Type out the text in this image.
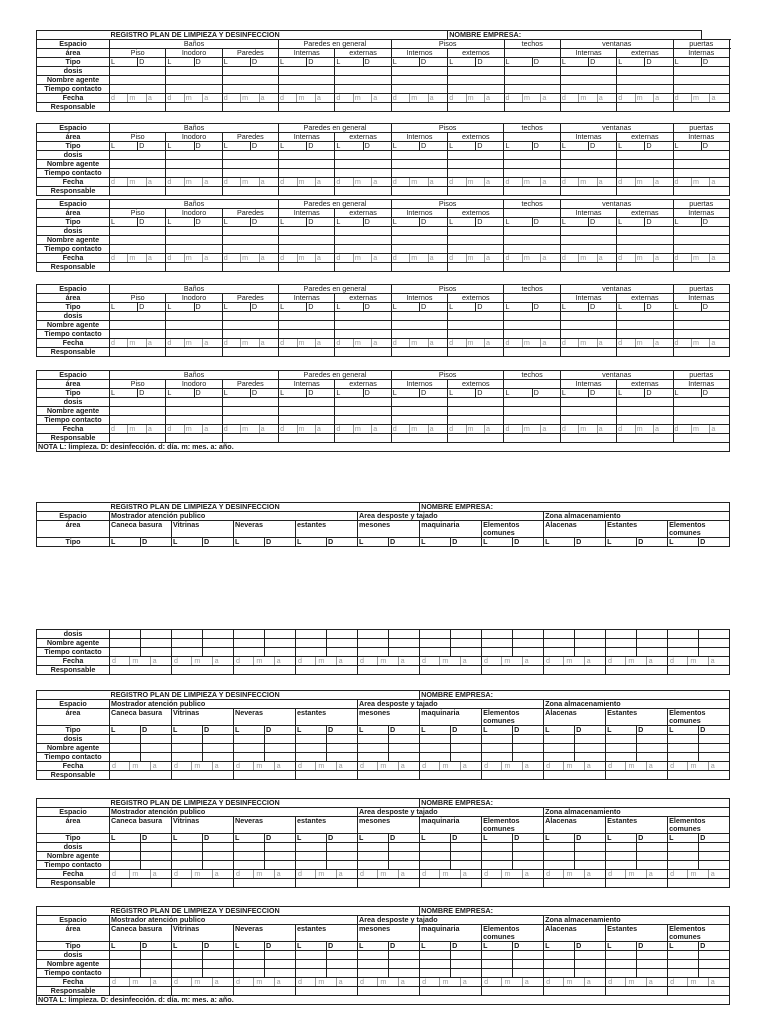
	REGISTRO PLAN DE LIMPIEZA Y DESINFECCION												NOMBRE EMPRESA:									
Espacio	Baños						Paredes en general				Pisos				techos		ventanas				puertas	
área	Piso		Inodoro		Paredes		Internas		externas		Internos		externos				Internas		externas		Internas	
Tipo	L	D	L	D	L	D	L	D	L	D	L	D	L	D	L	D	L	D	L	D	L	D
dosis																						
Nombre agente																						
Tiempo contacto																						
Fecha	d m a		d m a		d m a		d m a		d m a		d m a		d m a		d m a		d m a		d m a		d m a	
Responsable																						
Espacio	Baños						Paredes en general				Pisos				techos		ventanas				puertas	
área	Piso		Inodoro		Paredes		Internas		externas		Internos		externos				Internas		externas		Internas	

Tipo	L	D	L	D	L	D	L	D	L	D	L	D	L	D	L	D	L	D	L	D	L	D
dosis																						
Nombre agente																						
Tiempo contacto																						
Fecha	d m a		d m a		d m a		d m a		d m a		d m a		d m a		d m a		d m a		d m a		d m a	
Responsable																						
Espacio	Baños						Paredes en general				Pisos				techos		ventanas				puertas	
área	Piso		Inodoro		Paredes		Internas		externas		Internos		externos				Internas		externas		Internas	

Tipo	L	D	L	D	L	D	L	D	L	D	L	D	L	D	L	D	L	D	L	D	L	D
dosis																						
Nombre agente																						
Tiempo contacto																						
Fecha	d m a		d m a		d m a		d m a		d m a		d m a		d m a		d m a		d m a		d m a		d m a	
Responsable																						
Espacio	Baños						Paredes en general				Pisos				techos		ventanas				puertas	
área	Piso		Inodoro		Paredes		Internas		externas		Internos		externos				Internas		externas		Internas	

Tipo	L	D	L	D	L	D	L	D	L	D	L	D	L	D	L	D	L	D	L	D	L	D
dosis																						
Nombre agente																						
Tiempo contacto																						
Fecha	d m a		d m a		d m a		d m a		d m a		d m a		d m a		d m a		d m a		d m a		d m a	
Responsable																						
Espacio	Baños						Paredes en general				Pisos				techos		ventanas				puertas	
área	Piso		Inodoro		Paredes		Internas		externas		Internos		externos				Internas		externas		Internas	

Tipo	L	D	L	D	L	D	L	D	L	D	L	D	L	D	L	D	L	D	L	D	L	D
dosis																						
Nombre agente																						
Tiempo contacto																						
Fecha	d m a		d m a		d m a		d m a		d m a		d m a		d m a		d m a		d m a		d m a		d m a	
Responsable																						
NOTA L: limpieza. D: desinfección. d: día. m: mes. a: año.																						
	REGISTRO PLAN DE LIMPIEZA Y DESINFECCION										NOMBRE EMPRESA:									
Espacio	Mostrador atención publico								Area desposte y tajado						Zona almacenamiento					
área	Caneca basura		Vitrinas		Neveras		estantes		mesones		maquinaria		Elementos comunes		Alacenas		Estantes		Elementos comunes	
Tipo	L	D	L	D	L	D	L	D	L	D	L	D	L	D	L	D	L	D	L	D
dosis																				
Nombre agente																				
Tiempo contacto																				
Fecha	d m a		d m a		d m a		d m a		d m a		d m a		d m a		d m a		d m a		d m a	
Responsable																				
	REGISTRO PLAN DE LIMPIEZA Y DESINFECCION										NOMBRE EMPRESA:									
Espacio	Mostrador atención publico								Area desposte y tajado						Zona almacenamiento					
área	Caneca basura		Vitrinas		Neveras		estantes		mesones		maquinaria		Elementos comunes		Alacenas		Estantes		Elementos comunes	
Tipo	L	D	L	D	L	D	L	D	L	D	L	D	L	D	L	D	L	D	L	D
dosis																				
Nombre agente																				
Tiempo contacto																				
Fecha	d m a		d m a		d m a		d m a		d m a		d m a		d m a		d m a		d m a		d m a	
Responsable																				
	REGISTRO PLAN DE LIMPIEZA Y DESINFECCION										NOMBRE EMPRESA:									
Espacio	Mostrador atención publico								Area desposte y tajado						Zona almacenamiento					
área	Caneca basura		Vitrinas		Neveras		estantes		mesones		maquinaria		Elementos comunes		Alacenas		Estantes		Elementos comunes	
Tipo	L	D	L	D	L	D	L	D	L	D	L	D	L	D	L	D	L	D	L	D
dosis																				
Nombre agente																				
Tiempo contacto																				
Fecha	d m a		d m a		d m a		d m a		d m a		d m a		d m a		d m a		d m a		d m a	
Responsable																				
	REGISTRO PLAN DE LIMPIEZA Y DESINFECCION										NOMBRE EMPRESA:									
Espacio	Mostrador atención publico								Area desposte y tajado						Zona almacenamiento					
área	Caneca basura		Vitrinas		Neveras		estantes		mesones		maquinaria		Elementos comunes		Alacenas		Estantes		Elementos comunes	
Tipo	L	D	L	D	L	D	L	D	L	D	L	D	L	D	L	D	L	D	L	D
dosis																				
Nombre agente																				
Tiempo contacto																				
Fecha	d m a		d m a		d m a		d m a		d m a		d m a		d m a		d m a		d m a		d m a	
Responsable																				
NOTA L: limpieza. D: desinfección. d: día. m: mes. a: año.																				
